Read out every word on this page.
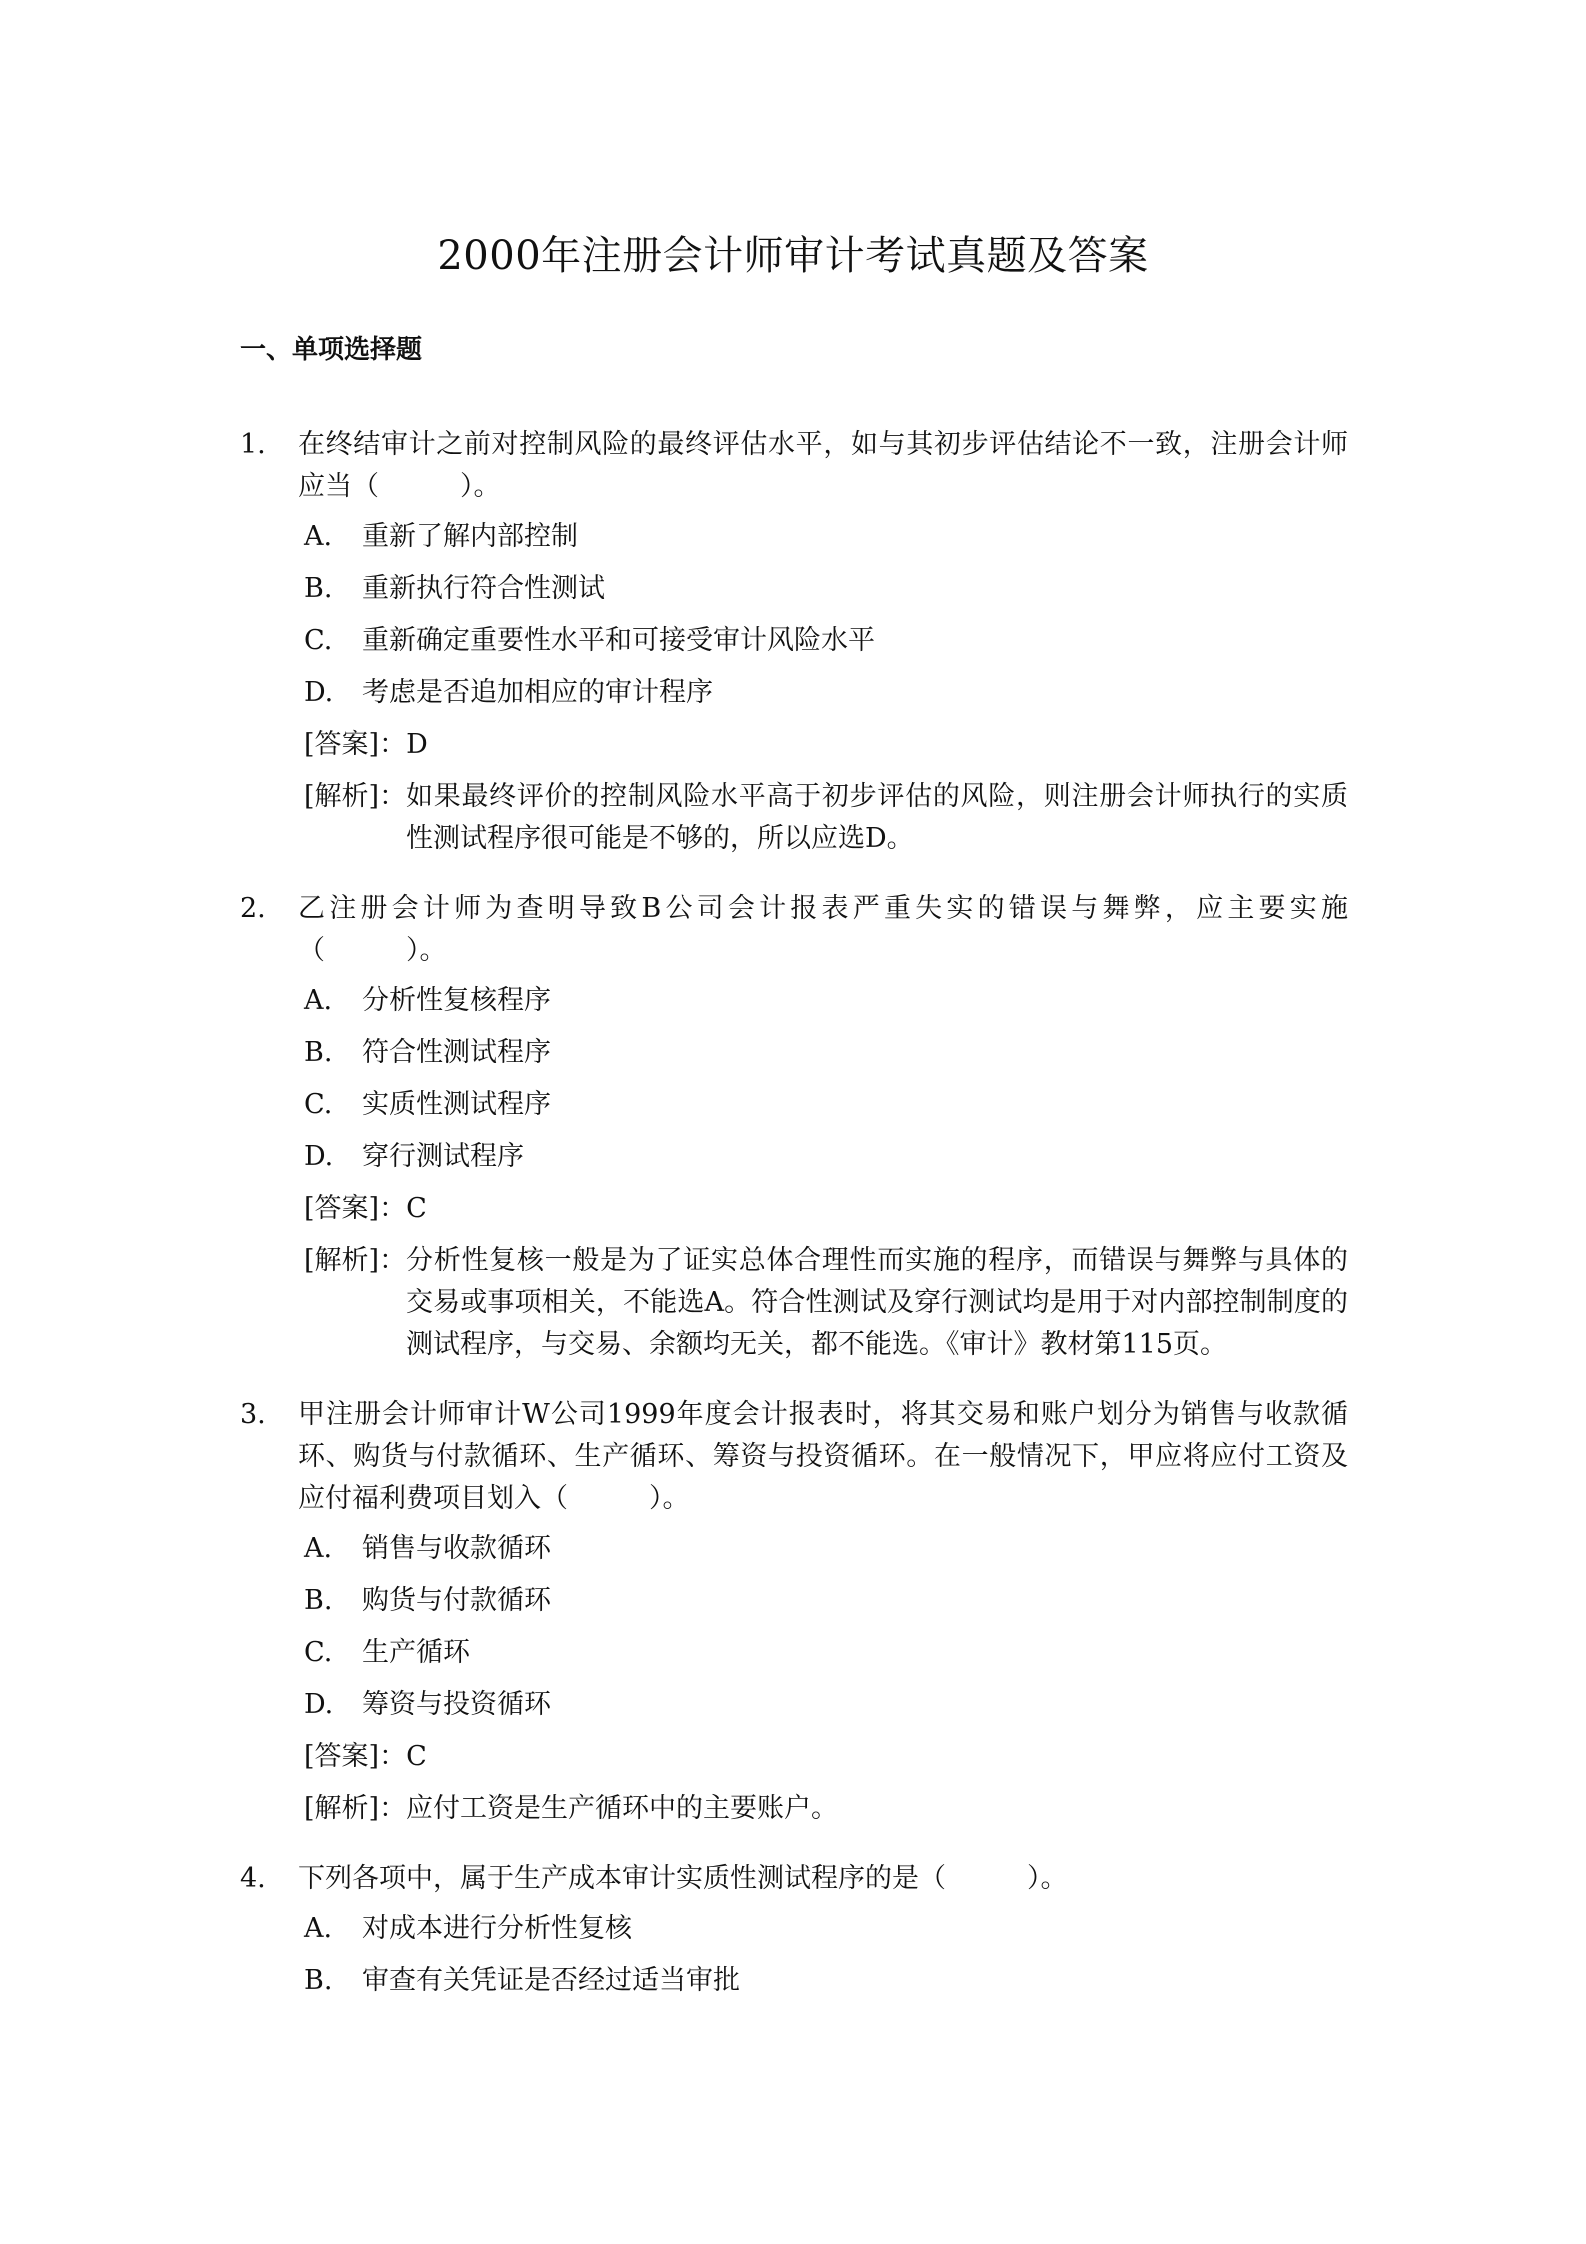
2000年注册会计师审计考试真题及答案
一、单项选择题
1. 在终结审计之前对控制风险的最终评估水平，如与其初步评估结论不一致，注册会计师应当（　　　）。
A. 重新了解内部控制
B. 重新执行符合性测试
C. 重新确定重要性水平和可接受审计风险水平
D. 考虑是否追加相应的审计程序
[答案]：D
[解析]： 如果最终评价的控制风险水平高于初步评估的风险，则注册会计师执行的实质性测试程序很可能是不够的，所以应选D。
2. 乙注册会计师为查明导致B公司会计报表严重失实的错误与舞弊，应主要实施（　　　）。
A. 分析性复核程序
B. 符合性测试程序
C. 实质性测试程序
D. 穿行测试程序
[答案]：C
[解析]： 分析性复核一般是为了证实总体合理性而实施的程序，而错误与舞弊与具体的交易或事项相关，不能选A。符合性测试及穿行测试均是用于对内部控制制度的测试程序，与交易、余额均无关，都不能选。《审计》教材第115页。
3. 甲注册会计师审计W公司1999年度会计报表时，将其交易和账户划分为销售与收款循环、购货与付款循环、生产循环、筹资与投资循环。在一般情况下，甲应将应付工资及应付福利费项目划入（　　　）。
A. 销售与收款循环
B. 购货与付款循环
C. 生产循环
D. 筹资与投资循环
[答案]：C
[解析]： 应付工资是生产循环中的主要账户。
4. 下列各项中，属于生产成本审计实质性测试程序的是（　　　）。
A. 对成本进行分析性复核
B. 审查有关凭证是否经过适当审批
